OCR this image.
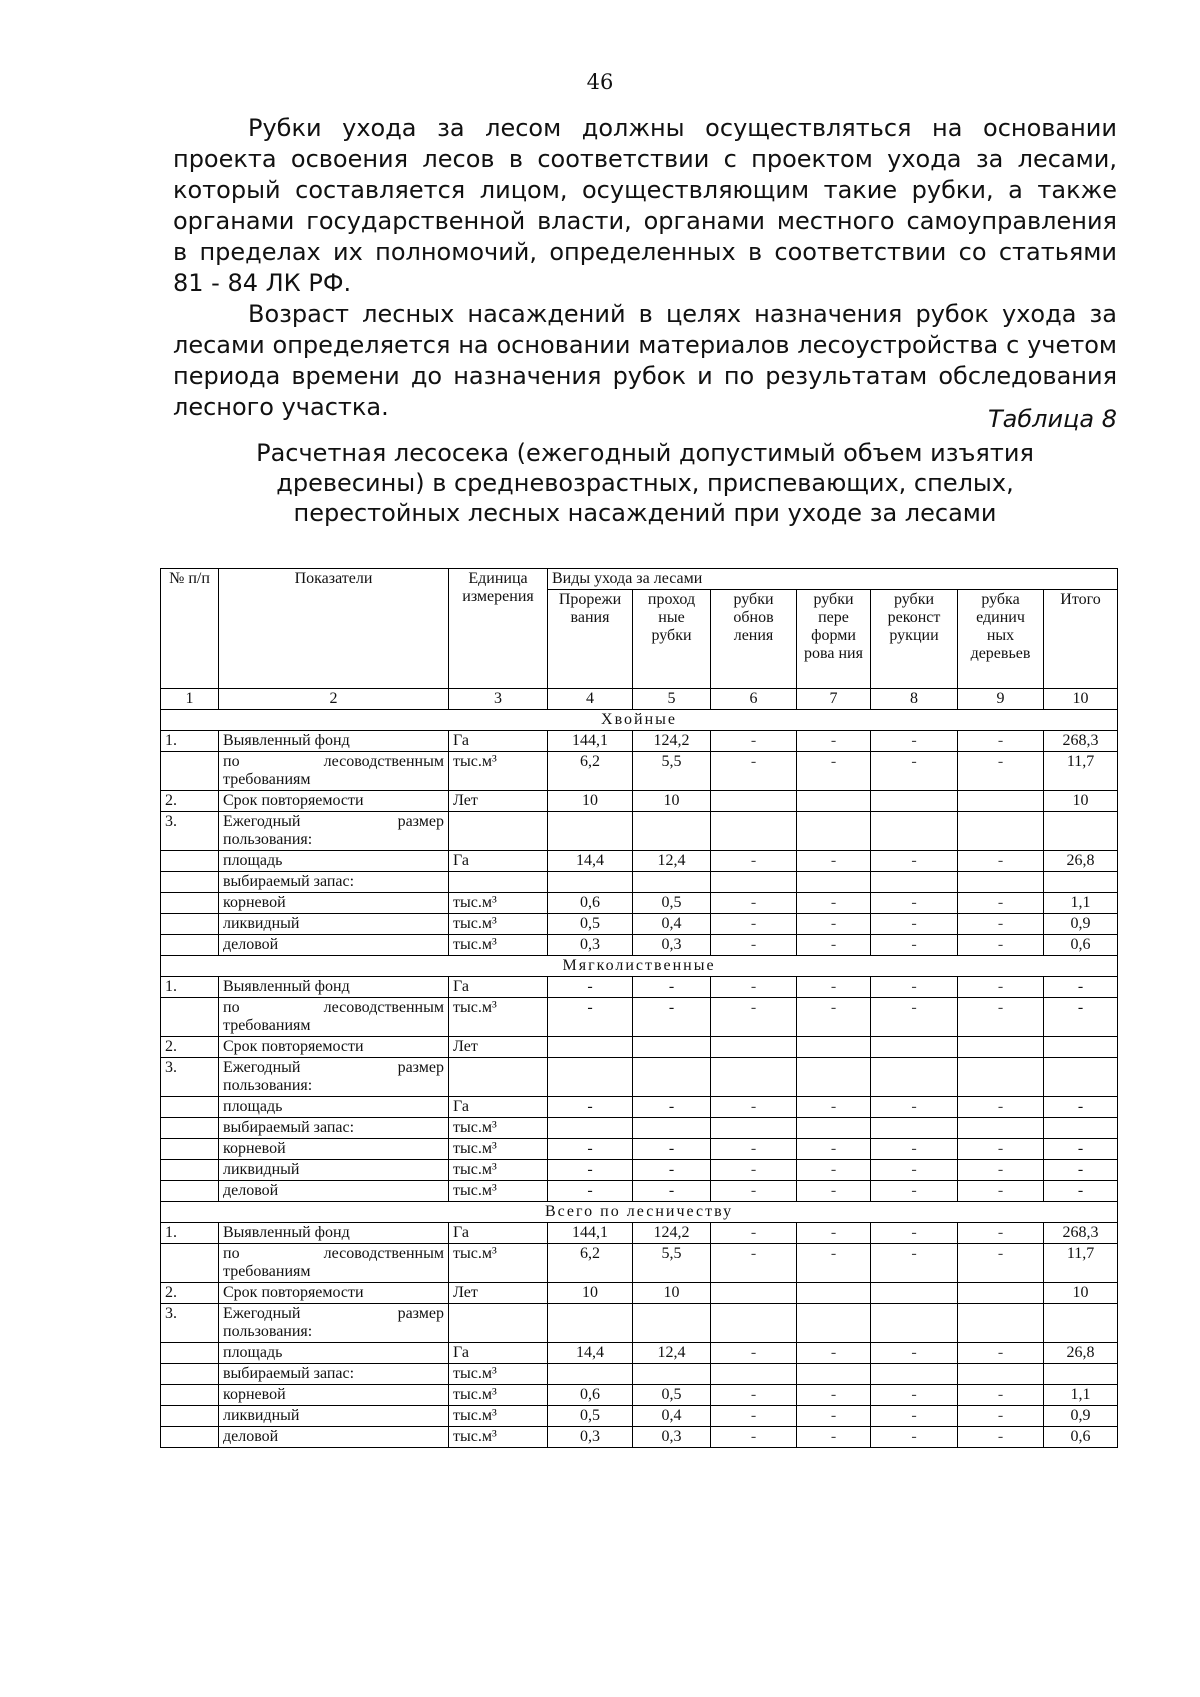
46

Рубки ухода за лесом должны осуществляться на основании проекта освоения лесов в соответствии с проектом ухода за лесами, который составляется лицом, осуществляющим такие рубки, а также органами государственной власти, органами местного самоуправления в пределах их полномочий, определенных в соответствии со статьями 81 - 84 ЛК РФ.

Возраст лесных насаждений в целях назначения рубок ухода за лесами определяется на основании материалов лесоустройства с учетом периода времени до назначения рубок и по результатам обследования лесного участка.	Таблица 8
Расчетная лесосека (ежегодный допустимый объем изъятия
древесины) в средневозрастных, приспевающих, спелых,
перестойных лесных насаждений при уходе за лесами
№ п/п	Показатели	Единица измерения	Виды ухода за лесами						
			Прорежи вания	проход ные рубки	рубки обнов ления	рубки пере форми рова ния	рубки реконст рукции	рубка единич ных деревьев	Итого
1	2	3	4	5	6	7	8	9	10
Хвойные									
1.	Выявленный фонд	Га	144,1	124,2	-	-	-	-	268,3
	по лесоводственным требованиям	тыс.м³	6,2	5,5	-	-	-	-	11,7
2.	Срок повторяемости	Лет	10	10					10
3.	Ежегодный размер пользования:								
	площадь	Га	14,4	12,4	-	-	-	-	26,8
	выбираемый запас:								
	корневой	тыс.м³	0,6	0,5	-	-	-	-	1,1
	ликвидный	тыс.м³	0,5	0,4	-	-	-	-	0,9
	деловой	тыс.м³	0,3	0,3	-	-	-	-	0,6
Мягколиственные									
1.	Выявленный фонд	Га	-	-	-	-	-	-	-
	по лесоводственным требованиям	тыс.м³	-	-	-	-	-	-	-
2.	Срок повторяемости	Лет							
3.	Ежегодный размер пользования:								
	площадь	Га	-	-	-	-	-	-	-
	выбираемый запас:	тыс.м³							
	корневой	тыс.м³	-	-	-	-	-	-	-
	ликвидный	тыс.м³	-	-	-	-	-	-	-
	деловой	тыс.м³	-	-	-	-	-	-	-
Всего по лесничеству									
1.	Выявленный фонд	Га	144,1	124,2	-	-	-	-	268,3
	по лесоводственным требованиям	тыс.м³	6,2	5,5	-	-	-	-	11,7
2.	Срок повторяемости	Лет	10	10					10
3.	Ежегодный размер пользования:								
	площадь	Га	14,4	12,4	-	-	-	-	26,8
	выбираемый запас:	тыс.м³							
	корневой	тыс.м³	0,6	0,5	-	-	-	-	1,1
	ликвидный	тыс.м³	0,5	0,4	-	-	-	-	0,9
	деловой	тыс.м³	0,3	0,3	-	-	-	-	0,6
